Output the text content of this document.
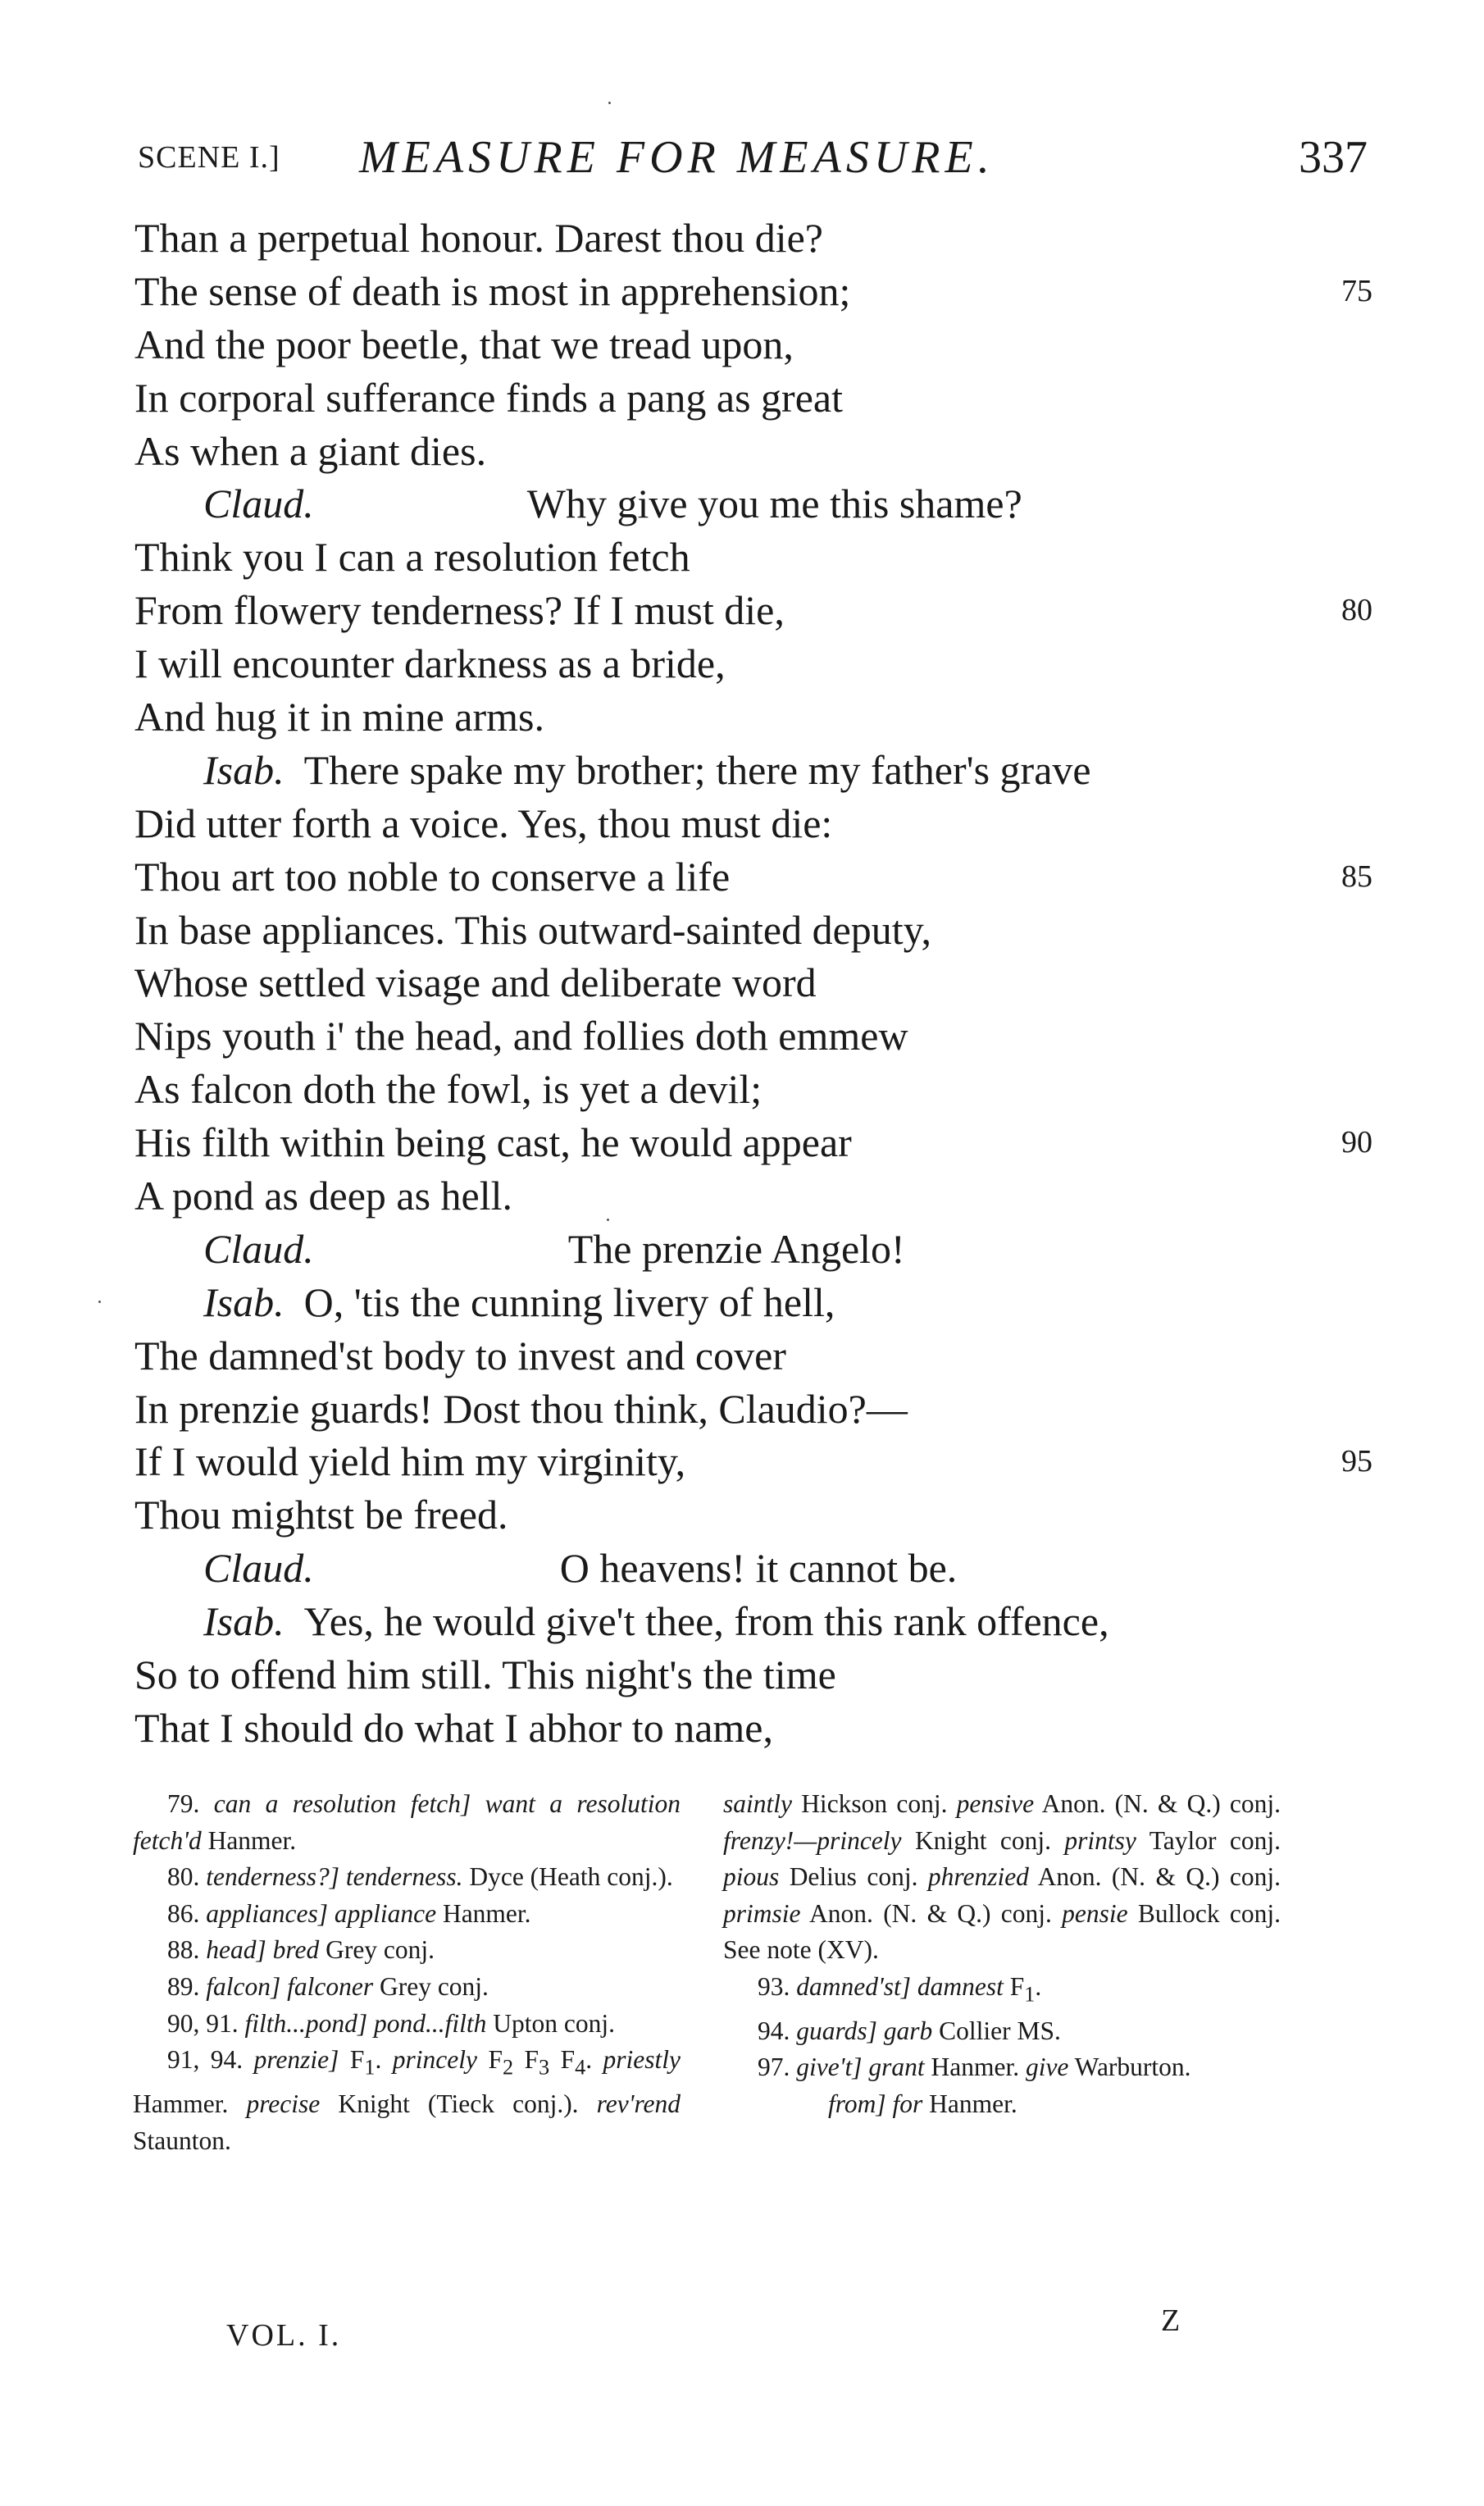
SCENE I.] MEASURE FOR MEASURE.	337
Than a perpetual honour. Darest thou die?
The sense of death is most in apprehension;	75
And the poor beetle, that we tread upon,
In corporal sufferance finds a pang as great
As when a giant dies.
Claud.	Why give you me this shame?
Think you I can a resolution fetch
From flowery tenderness? If I must die,	80
I will encounter darkness as a bride,
And hug it in mine arms.
Isab. There spake my brother; there my father's grave
Did utter forth a voice. Yes, thou must die:
Thou art too noble to conserve a life	85
In base appliances. This outward-sainted deputy,
Whose settled visage and deliberate word
Nips youth i' the head, and follies doth emmew
As falcon doth the fowl, is yet a devil;
His filth within being cast, he would appear	90
A pond as deep as hell.
Claud.	The prenzie Angelo!
Isab. O, 'tis the cunning livery of hell,
The damned'st body to invest and cover
In prenzie guards! Dost thou think, Claudio?—
If I would yield him my virginity,	95
Thou mightst be freed.
Claud.	O heavens! it cannot be.
Isab. Yes, he would give't thee, from this rank offence,
So to offend him still. This night's the time
That I should do what I abhor to name,

79. can a resolution fetch] want a resolution fetch'd Hanmer.

80. tenderness?] tenderness. Dyce (Heath conj.).

86. appliances] appliance Hanmer.

88. head] bred Grey conj.

89. falcon] falconer Grey conj.

90, 91. filth...pond] pond...filth Upton conj.

91, 94. prenzie] $F_1$. princely $F_2$ $F_3$ $F_4$. priestly Hammer. precise Knight (Tieck conj.). rev'rend Staunton.

saintly Hickson conj. pensive Anon. (N. & Q.) conj. frenzy!—princely Knight conj. printsy Taylor conj. pious Delius conj. phrenzied Anon. (N. & Q.) conj. primsie Anon. (N. & Q.) conj. pensie Bullock conj. See note (XV).

93. damned'st] damnest $F_1$.

94. guards] garb Collier MS.

97. give't] grant Hanmer. give Warburton.

from] for Hanmer.

VOL. I.	Z
